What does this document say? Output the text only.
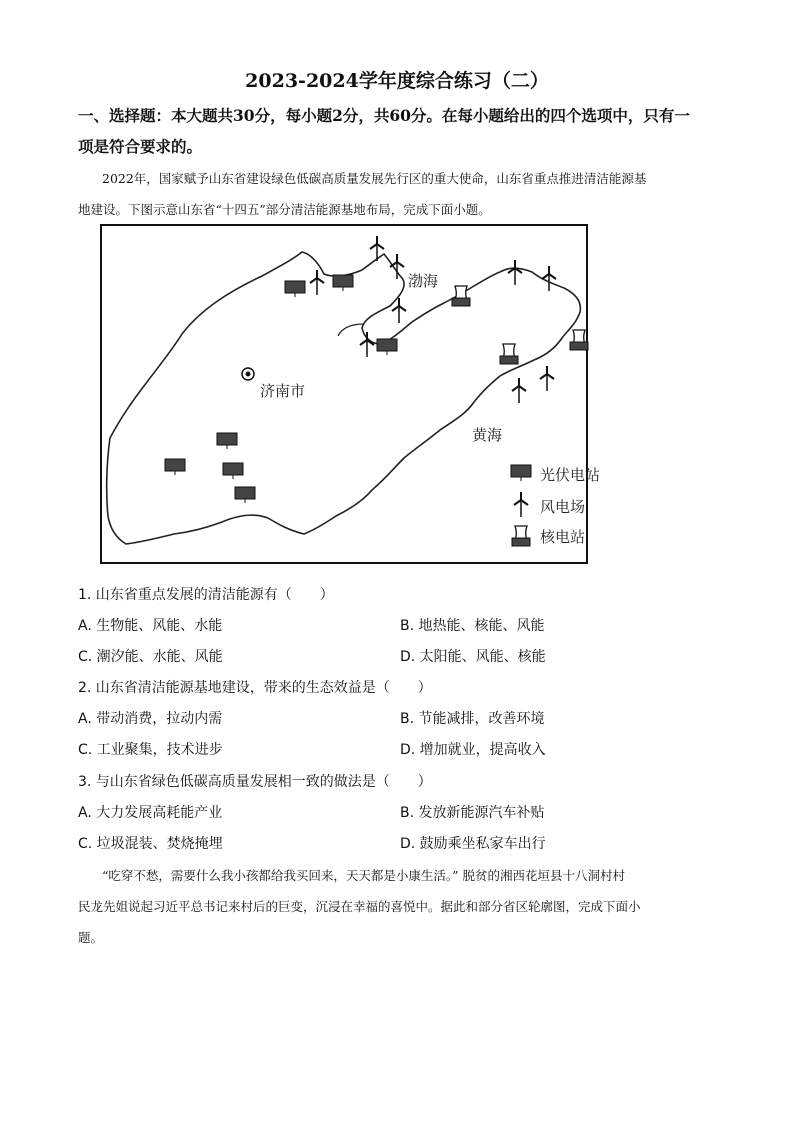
2023-2024学年度综合练习（二）
一、选择题：本大题共30分，每小题2分，共60分。在每小题给出的四个选项中，只有一
项是符合要求的。
2022年，国家赋予山东省建设绿色低碳高质量发展先行区的重大使命，山东省重点推进清洁能源基
地建设。下图示意山东省“十四五”部分清洁能源基地布局，完成下面小题。
渤海
济南市
黄海
光伏电站
风电场
核电站
1. 山东省重点发展的清洁能源有（　　）
A. 生物能、风能、水能	B. 地热能、核能、风能
C. 潮汐能、水能、风能	D. 太阳能、风能、核能
2. 山东省清洁能源基地建设，带来的生态效益是（　　）
A. 带动消费，拉动内需	B. 节能减排，改善环境
C. 工业聚集，技术进步	D. 增加就业，提高收入
3. 与山东省绿色低碳高质量发展相一致的做法是（　　）
A. 大力发展高耗能产业	B. 发放新能源汽车补贴
C. 垃圾混装、焚烧掩埋	D. 鼓励乘坐私家车出行
“吃穿不愁，需要什么我小孩都给我买回来，天天都是小康生活。” 脱贫的湘西花垣县十八洞村村
民龙先姐说起习近平总书记来村后的巨变，沉浸在幸福的喜悦中。据此和部分省区轮廓图，完成下面小
题。
